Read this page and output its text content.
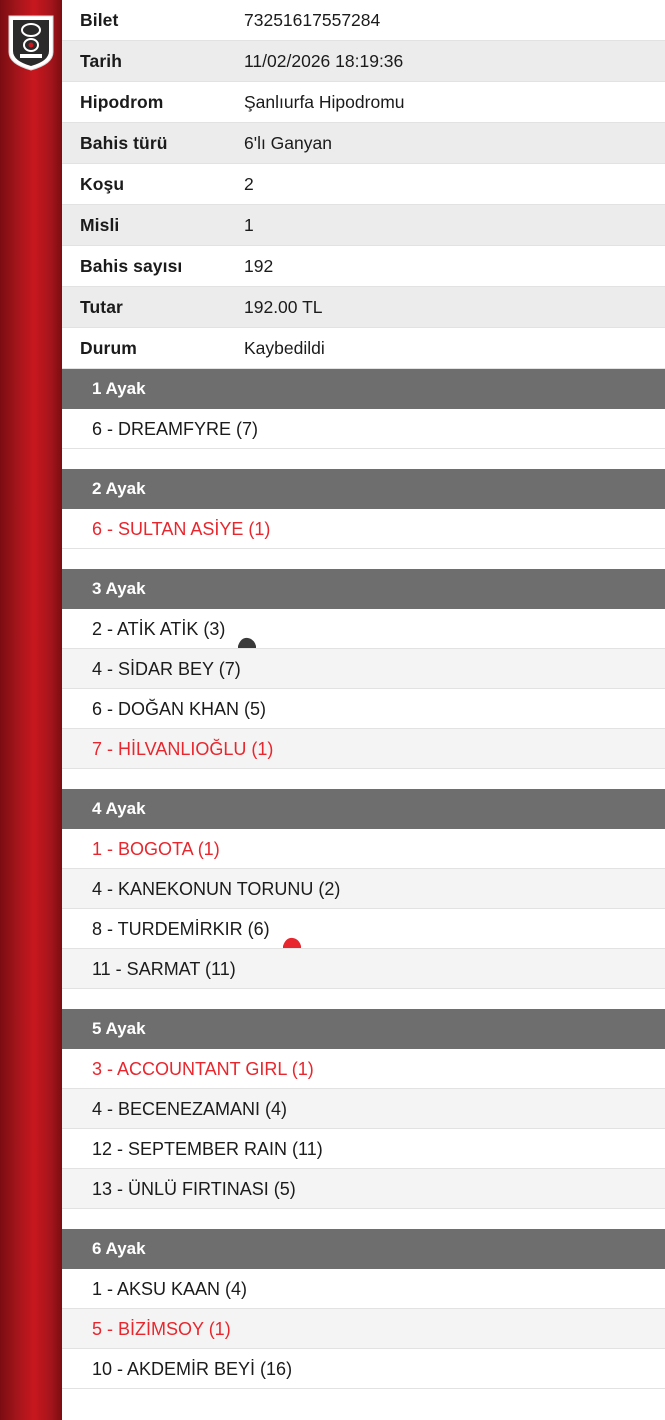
Bilet	73251617557284
Tarih	11/02/2026 18:19:36
Hipodrom	Şanlıurfa Hipodromu
Bahis türü	6'lı Ganyan
Koşu	2
Misli	1
Bahis sayısı	192
Tutar	192.00 TL
Durum	Kaybedildi
1 Ayak
6 - DREAMFYRE (7)
2 Ayak
6 - SULTAN ASİYE (1)
3 Ayak
2 - ATİK ATİK (3)
4 - SİDAR BEY (7)
6 - DOĞAN KHAN (5)
7 - HİLVANLIOĞLU (1)
4 Ayak
1 - BOGOTA (1)
4 - KANEKONUN TORUNU (2)
8 - TURDEMİRKIR (6)
11 - SARMAT (11)
5 Ayak
3 - ACCOUNTANT GIRL (1)
4 - BECENEZAMANI (4)
12 - SEPTEMBER RAIN (11)
13 - ÜNLÜ FIRTINASI (5)
6 Ayak
1 - AKSU KAAN (4)
5 - BİZİMSOY (1)
10 - AKDEMİR BEYİ (16)
